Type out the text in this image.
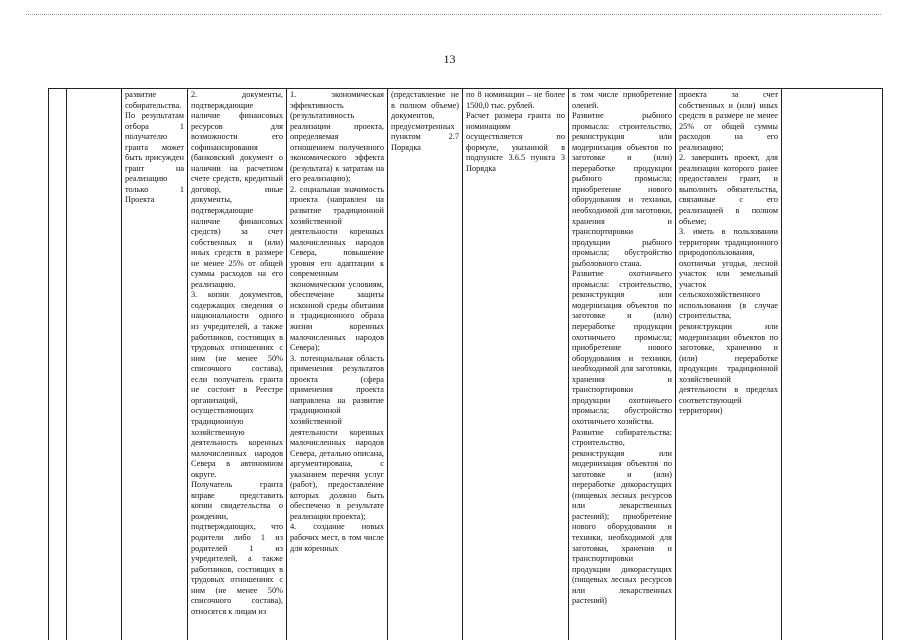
13
		развитие собирательства.
По результатам отбора 1 получателю гранта может быть присужден грант на реализацию только 1 Проекта	2. документы, подтверждающие наличие финансовых ресурсов для возможности его софинансирования (банковский документ о наличии на расчетном счете средств, кредитный договор, иные документы, подтверждающие наличие финансовых средств) за счет собственных и (или) иных средств в размере не менее 25% от общей суммы расходов на его реализацию.
3. копии документов, содержащих сведения о национальности одного из учредителей, а также работников, состоящих в трудовых отношениях с ним (не менее 50% списочного состава), если получатель гранта не состоит в Реестре организаций, осуществляющих традиционную хозяйственную деятельность коренных малочисленных народов Севера в автономном округе.
Получатель гранта вправе представить копии свидетельства о рождении, подтверждающих, что родители либо 1 из родителей 1 из учредителей, а также работников, состоящих в трудовых отношениях с ним (не менее 50% списочного состава), относятся к лицам из	1. экономическая эффективность (результативность реализации проекта, определяемая отношением полученного экономического эффекта (результата) к затратам на его реализацию);
2. социальная значимость проекта (направлен на развитие традиционной хозяйственной деятельности коренных малочисленных народов Севера, повышение уровня его адаптации к современным экономическим условиям, обеспечение защиты исконной среды обитания и традиционного образа жизни коренных малочисленных народов Севера);
3. потенциальная область применения результатов проекта (сфера применения проекта направлена на развитие традиционной хозяйственной деятельности коренных малочисленных народов Севера, детально описана, аргументирована, с указанием перечня услуг (работ), предоставление которых должно быть обеспечено в результате реализации проекта);
4. создание новых рабочих мест, в том числе для коренных	(представление не в полном объеме) документов, предусмотренных пунктом 2.7 Порядка	по 8 номинации – не более 1500,0 тыс. рублей.
Расчет размера гранта по номинациям осуществляется по формуле, указанной в подпункте 3.6.5 пункта 3 Порядка	в том числе приобретение оленей.
Развитие рыбного промысла: строительство, реконструкция или модернизация объектов по заготовке и (или) переработке продукции рыбного промысла; приобретение нового оборудования и техники, необходимой для заготовки, хранения и транспортировки продукции рыбного промысла; обустройство рыболовного стана.
Развитие охотничьего промысла: строительство, реконструкция или модернизация объектов по заготовке и (или) переработке продукции охотничьего промысла; приобретение нового оборудования и техники, необходимой для заготовки, хранения и транспортировки продукции охотничьего промысла; обустройство охотничьего хозяйства.
Развитие собирательства: строительство, реконструкция или модернизация объектов по заготовке и (или) переработке дикорастущих (пищевых лесных ресурсов или лекарственных растений); приобретение нового оборудования и техники, необходимой для заготовки, хранения и транспортировки продукции дикорастущих (пищевых лесных ресурсов или лекарственных растений)	проекта за счет собственных и (или) иных средств в размере не менее 25% от общей суммы расходов на его реализацию;
2. завершить проект, для реализации которого ранее предоставлен грант, и выполнить обязательства, связанные с его реализацией в полном объеме;
3. иметь в пользовании территории традиционного природопользования, охотничьи угодья, лесной участок или земельный участок сельскохозяйственного использования (в случае строительства, реконструкции или модернизации объектов по заготовке, хранению и (или) переработке продукции традиционной хозяйственной деятельности в пределах соответствующей территории)	
